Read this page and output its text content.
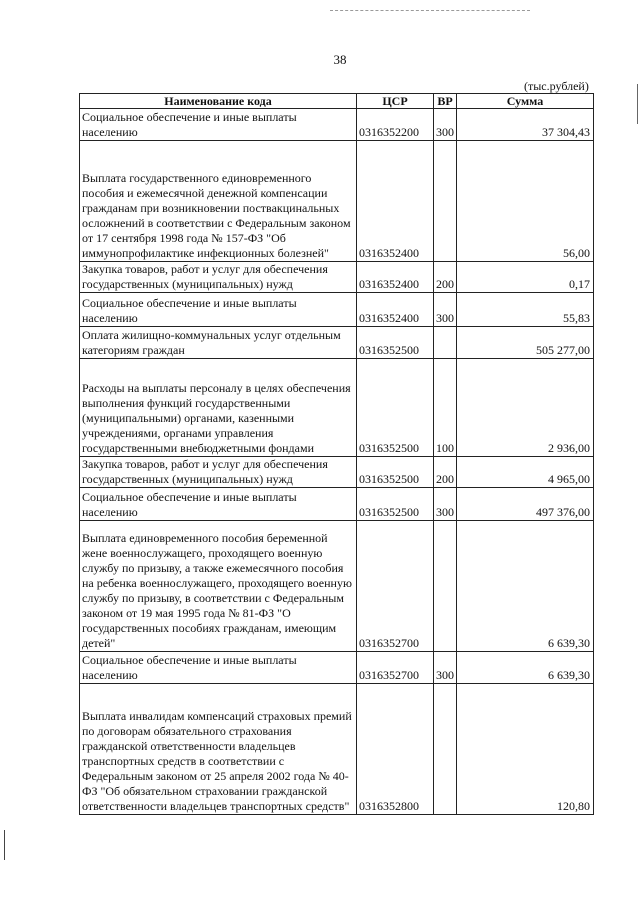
38
(тыс.рублей)
Наименование кода	ЦСР	ВР	Сумма
Социальное обеспечение и иные выплаты населению	0316352200	300	37 304,43
Выплата государственного единовременного пособия и ежемесячной денежной компенсации гражданам при возникновении поствакцинальных осложнений в соответствии с Федеральным законом от 17 сентября 1998 года № 157-ФЗ "Об иммунопрофилактике инфекционных болезней"	0316352400		56,00
Закупка товаров, работ и услуг для обеспечения государственных (муниципальных) нужд	0316352400	200	0,17
Социальное обеспечение и иные выплаты населению	0316352400	300	55,83
Оплата жилищно-коммунальных услуг отдельным категориям граждан	0316352500		505 277,00
Расходы на выплаты персоналу в целях обеспечения выполнения функций государственными (муниципальными) органами, казенными учреждениями, органами управления государственными внебюджетными фондами	0316352500	100	2 936,00
Закупка товаров, работ и услуг для обеспечения государственных (муниципальных) нужд	0316352500	200	4 965,00
Социальное обеспечение и иные выплаты населению	0316352500	300	497 376,00
Выплата единовременного пособия беременной жене военнослужащего, проходящего военную службу по призыву, а также ежемесячного пособия на ребенка военнослужащего, проходящего военную службу по призыву, в соответствии с Федеральным законом от 19 мая 1995 года № 81-ФЗ "О государственных пособиях гражданам, имеющим детей"	0316352700		6 639,30
Социальное обеспечение и иные выплаты населению	0316352700	300	6 639,30
Выплата инвалидам компенсаций страховых премий по договорам обязательного страхования гражданской ответственности владельцев транспортных средств в соответствии с Федеральным законом от 25 апреля 2002 года № 40-ФЗ "Об обязательном страховании гражданской ответственности владельцев транспортных средств"	0316352800		120,80
